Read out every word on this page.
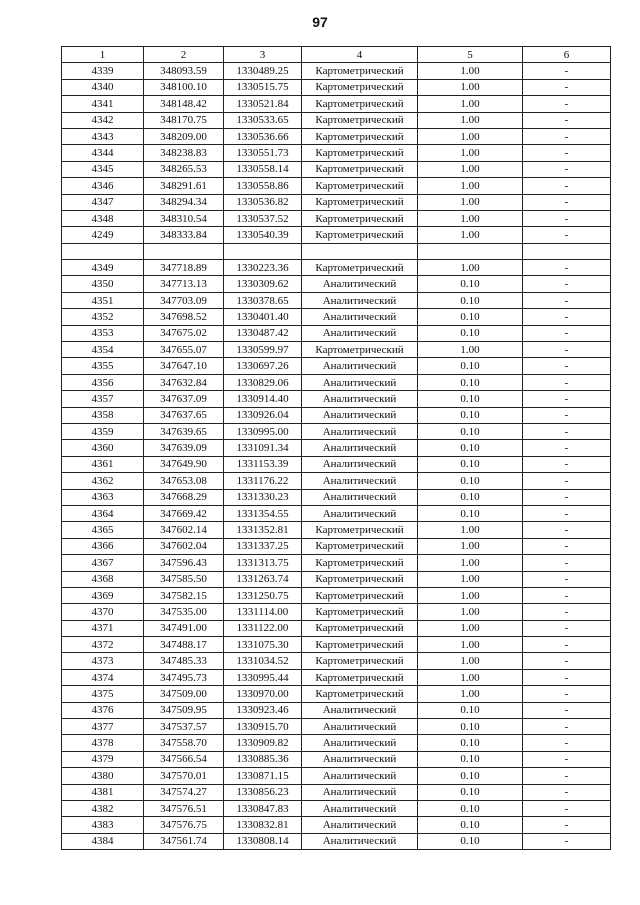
97
1	2	3	4	5	6
4339	348093.59	1330489.25	Картометрический	1.00	-
4340	348100.10	1330515.75	Картометрический	1.00	-
4341	348148.42	1330521.84	Картометрический	1.00	-
4342	348170.75	1330533.65	Картометрический	1.00	-
4343	348209.00	1330536.66	Картометрический	1.00	-
4344	348238.83	1330551.73	Картометрический	1.00	-
4345	348265.53	1330558.14	Картометрический	1.00	-
4346	348291.61	1330558.86	Картометрический	1.00	-
4347	348294.34	1330536.82	Картометрический	1.00	-
4348	348310.54	1330537.52	Картометрический	1.00	-
4249	348333.84	1330540.39	Картометрический	1.00	-

4349	347718.89	1330223.36	Картометрический	1.00	-
4350	347713.13	1330309.62	Аналитический	0.10	-
4351	347703.09	1330378.65	Аналитический	0.10	-
4352	347698.52	1330401.40	Аналитический	0.10	-
4353	347675.02	1330487.42	Аналитический	0.10	-
4354	347655.07	1330599.97	Картометрический	1.00	-
4355	347647.10	1330697.26	Аналитический	0.10	-
4356	347632.84	1330829.06	Аналитический	0.10	-
4357	347637.09	1330914.40	Аналитический	0.10	-
4358	347637.65	1330926.04	Аналитический	0.10	-
4359	347639.65	1330995.00	Аналитический	0.10	-
4360	347639.09	1331091.34	Аналитический	0.10	-
4361	347649.90	1331153.39	Аналитический	0.10	-
4362	347653.08	1331176.22	Аналитический	0.10	-
4363	347668.29	1331330.23	Аналитический	0.10	-
4364	347669.42	1331354.55	Аналитический	0.10	-
4365	347602.14	1331352.81	Картометрический	1.00	-
4366	347602.04	1331337.25	Картометрический	1.00	-
4367	347596.43	1331313.75	Картометрический	1.00	-
4368	347585.50	1331263.74	Картометрический	1.00	-
4369	347582.15	1331250.75	Картометрический	1.00	-
4370	347535.00	1331114.00	Картометрический	1.00	-
4371	347491.00	1331122.00	Картометрический	1.00	-
4372	347488.17	1331075.30	Картометрический	1.00	-
4373	347485.33	1331034.52	Картометрический	1.00	-
4374	347495.73	1330995.44	Картометрический	1.00	-
4375	347509.00	1330970.00	Картометрический	1.00	-
4376	347509.95	1330923.46	Аналитический	0.10	-
4377	347537.57	1330915.70	Аналитический	0.10	-
4378	347558.70	1330909.82	Аналитический	0.10	-
4379	347566.54	1330885.36	Аналитический	0.10	-
4380	347570.01	1330871.15	Аналитический	0.10	-
4381	347574.27	1330856.23	Аналитический	0.10	-
4382	347576.51	1330847.83	Аналитический	0.10	-
4383	347576.75	1330832.81	Аналитический	0.10	-
4384	347561.74	1330808.14	Аналитический	0.10	-
